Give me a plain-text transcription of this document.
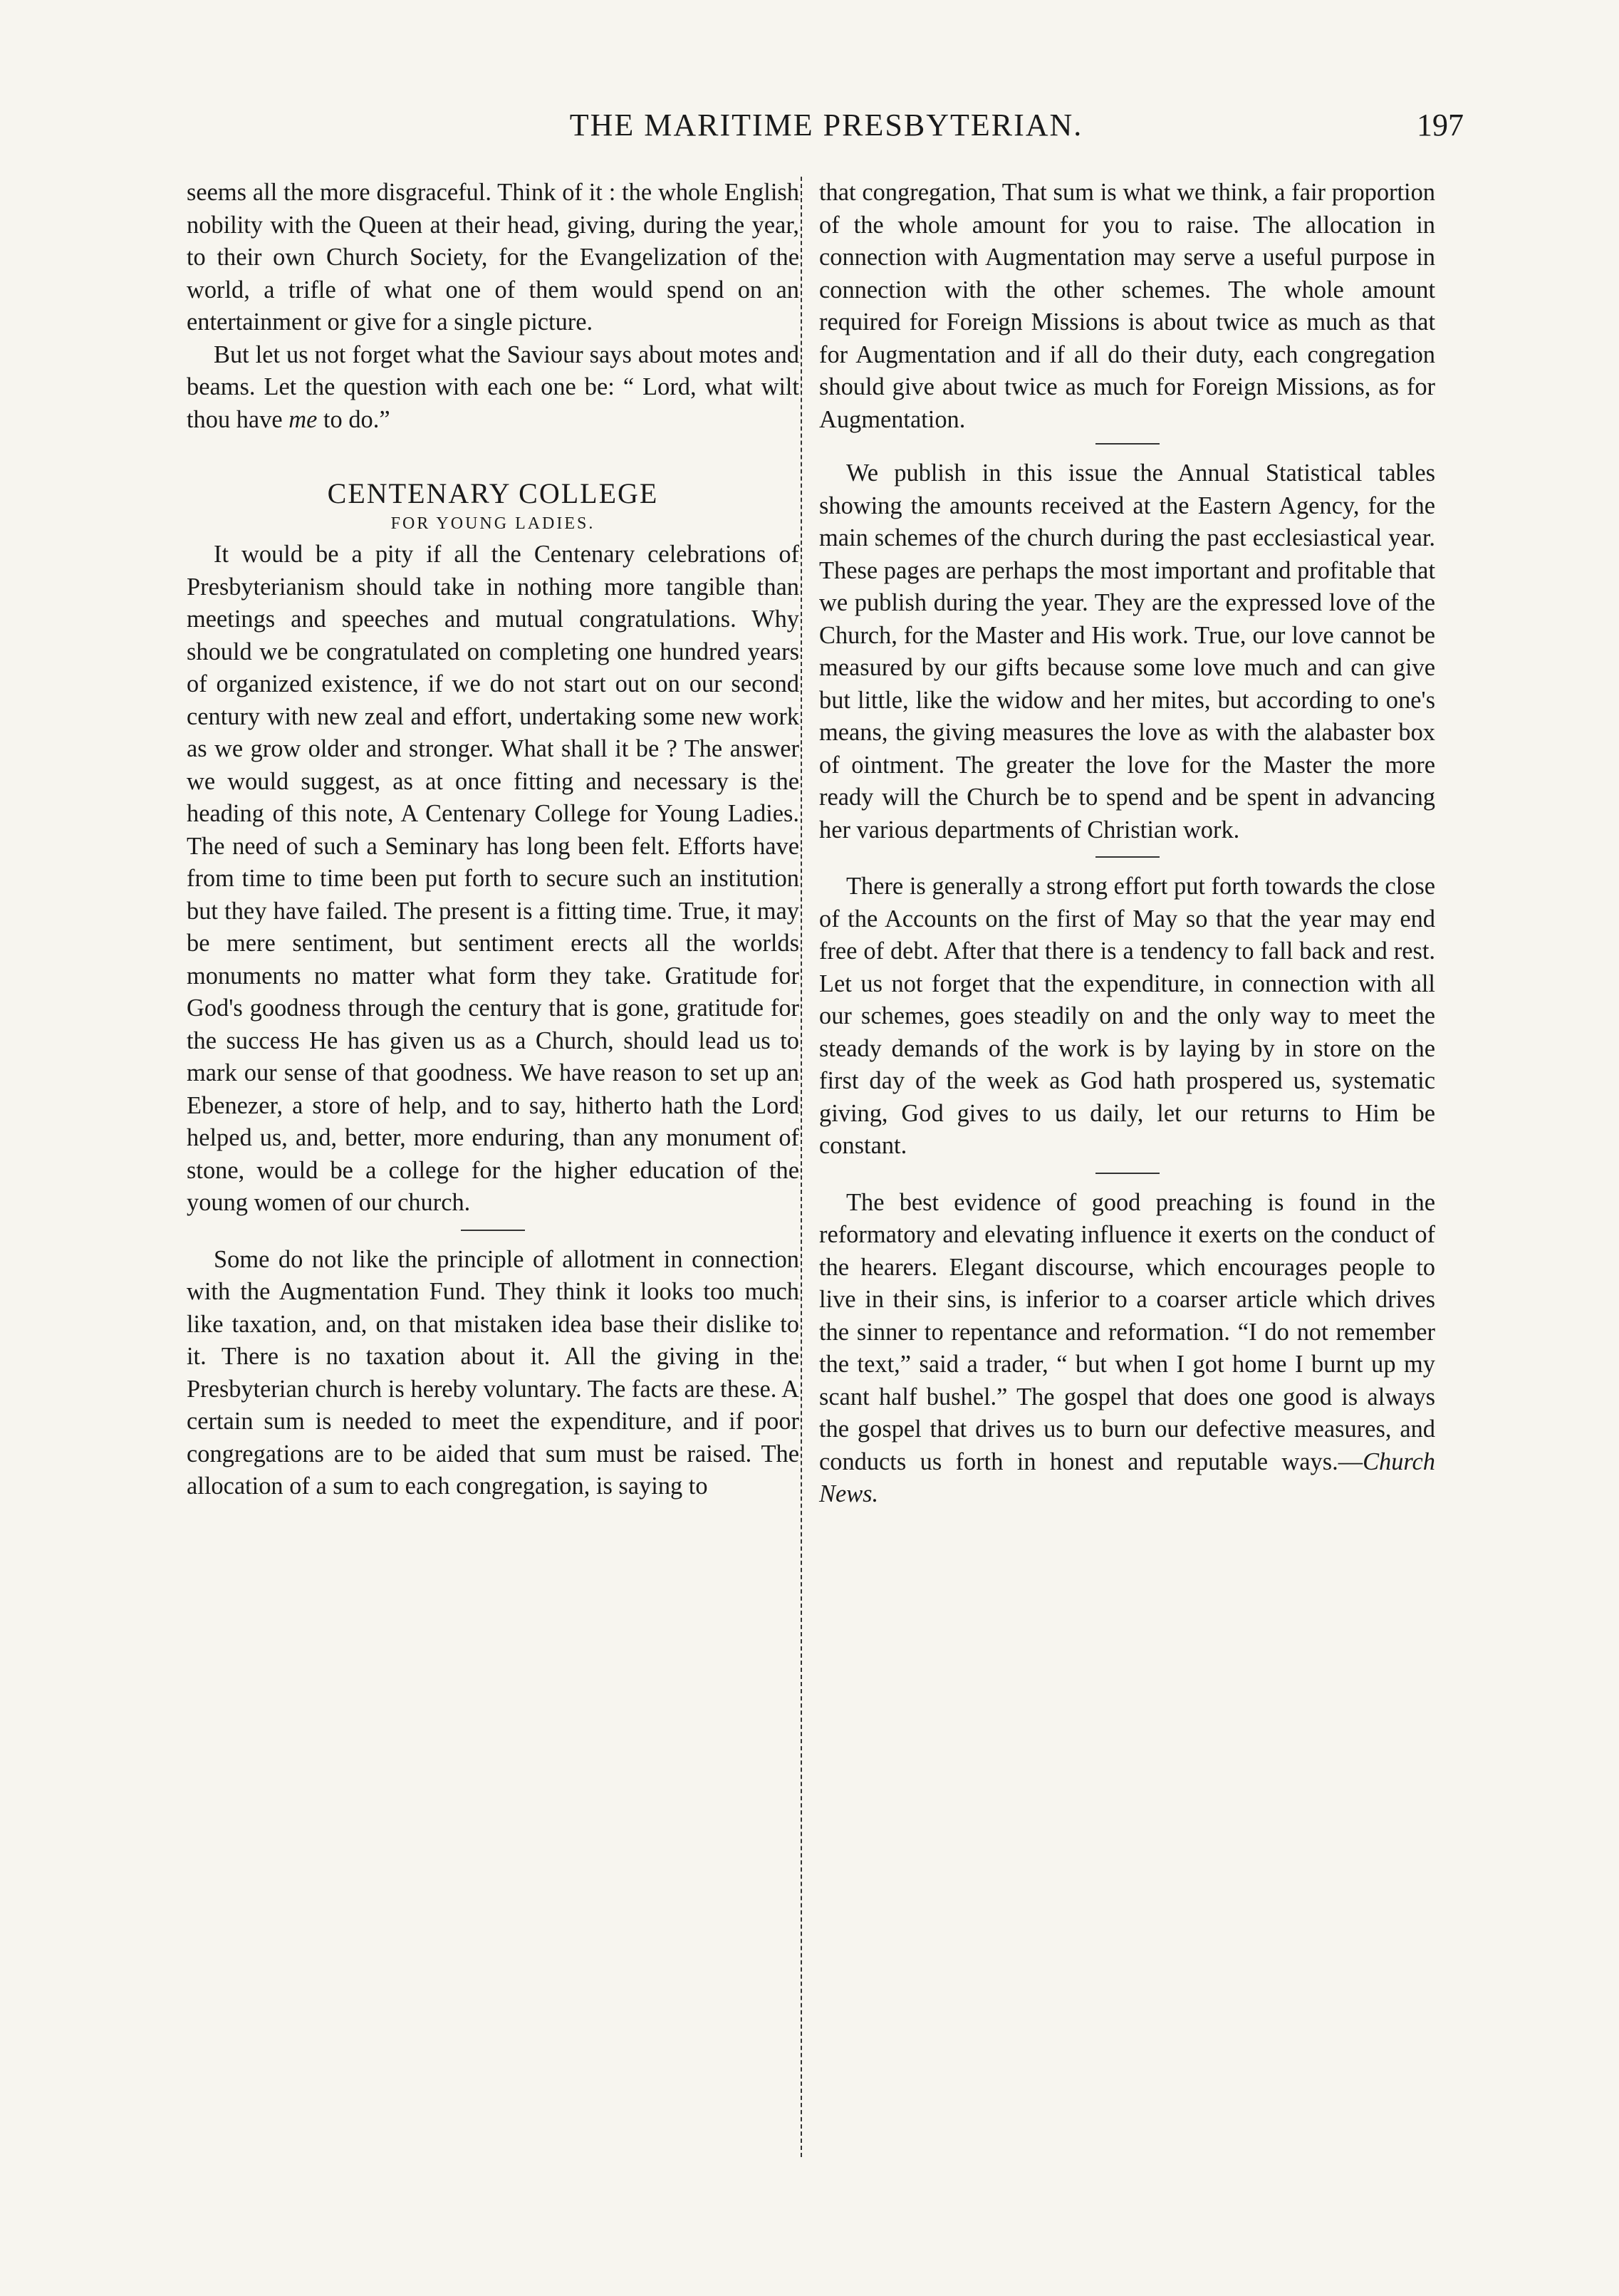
THE MARITIME PRESBYTERIAN.	197

seems all the more disgraceful. Think of it : the whole English nobility with the Queen at their head, giving, during the year, to their own Church Society, for the Evangelization of the world, a trifle of what one of them would spend on an entertainment or give for a single picture.

But let us not forget what the Saviour says about motes and beams. Let the question with each one be: “ Lord, what wilt thou have me to do.”

CENTENARY COLLEGE
FOR YOUNG LADIES.

It would be a pity if all the Centenary celebrations of Presbyterianism should take in nothing more tangible than meetings and speeches and mutual congratulations. Why should we be congratulated on completing one hundred years of organized existence, if we do not start out on our second century with new zeal and effort, undertaking some new work as we grow older and stronger. What shall it be ? The answer we would suggest, as at once fitting and necessary is the heading of this note, A Centenary College for Young Ladies. The need of such a Seminary has long been felt. Efforts have from time to time been put forth to secure such an institution but they have failed. The present is a fitting time. True, it may be mere sentiment, but sentiment erects all the worlds monuments no matter what form they take. Gratitude for God's goodness through the century that is gone, gratitude for the success He has given us as a Church, should lead us to mark our sense of that goodness. We have reason to set up an Ebenezer, a store of help, and to say, hitherto hath the Lord helped us, and, better, more enduring, than any monument of stone, would be a college for the higher education of the young women of our church.

Some do not like the principle of allotment in connection with the Augmentation Fund. They think it looks too much like taxation, and, on that mistaken idea base their dislike to it. There is no taxation about it. All the giving in the Presbyterian church is hereby voluntary. The facts are these. A certain sum is needed to meet the expenditure, and if poor congregations are to be aided that sum must be raised. The allocation of a sum to each congregation, is saying to

that congregation, That sum is what we think, a fair proportion of the whole amount for you to raise. The allocation in connection with Augmentation may serve a useful purpose in connection with the other schemes. The whole amount required for Foreign Missions is about twice as much as that for Augmentation and if all do their duty, each congregation should give about twice as much for Foreign Missions, as for Augmentation.

We publish in this issue the Annual Statistical tables showing the amounts received at the Eastern Agency, for the main schemes of the church during the past ecclesiastical year. These pages are perhaps the most important and profitable that we publish during the year. They are the expressed love of the Church, for the Master and His work. True, our love cannot be measured by our gifts because some love much and can give but little, like the widow and her mites, but according to one's means, the giving measures the love as with the alabaster box of ointment. The greater the love for the Master the more ready will the Church be to spend and be spent in advancing her various departments of Christian work.

There is generally a strong effort put forth towards the close of the Accounts on the first of May so that the year may end free of debt. After that there is a tendency to fall back and rest. Let us not forget that the expenditure, in connection with all our schemes, goes steadily on and the only way to meet the steady demands of the work is by laying by in store on the first day of the week as God hath prospered us, systematic giving, God gives to us daily, let our returns to Him be constant.

The best evidence of good preaching is found in the reformatory and elevating influence it exerts on the conduct of the hearers. Elegant discourse, which encourages people to live in their sins, is inferior to a coarser article which drives the sinner to repentance and reformation. “I do not remember the text,” said a trader, “ but when I got home I burnt up my scant half bushel.” The gospel that does one good is always the gospel that drives us to burn our defective measures, and conducts us forth in honest and reputable ways.—Church News.
